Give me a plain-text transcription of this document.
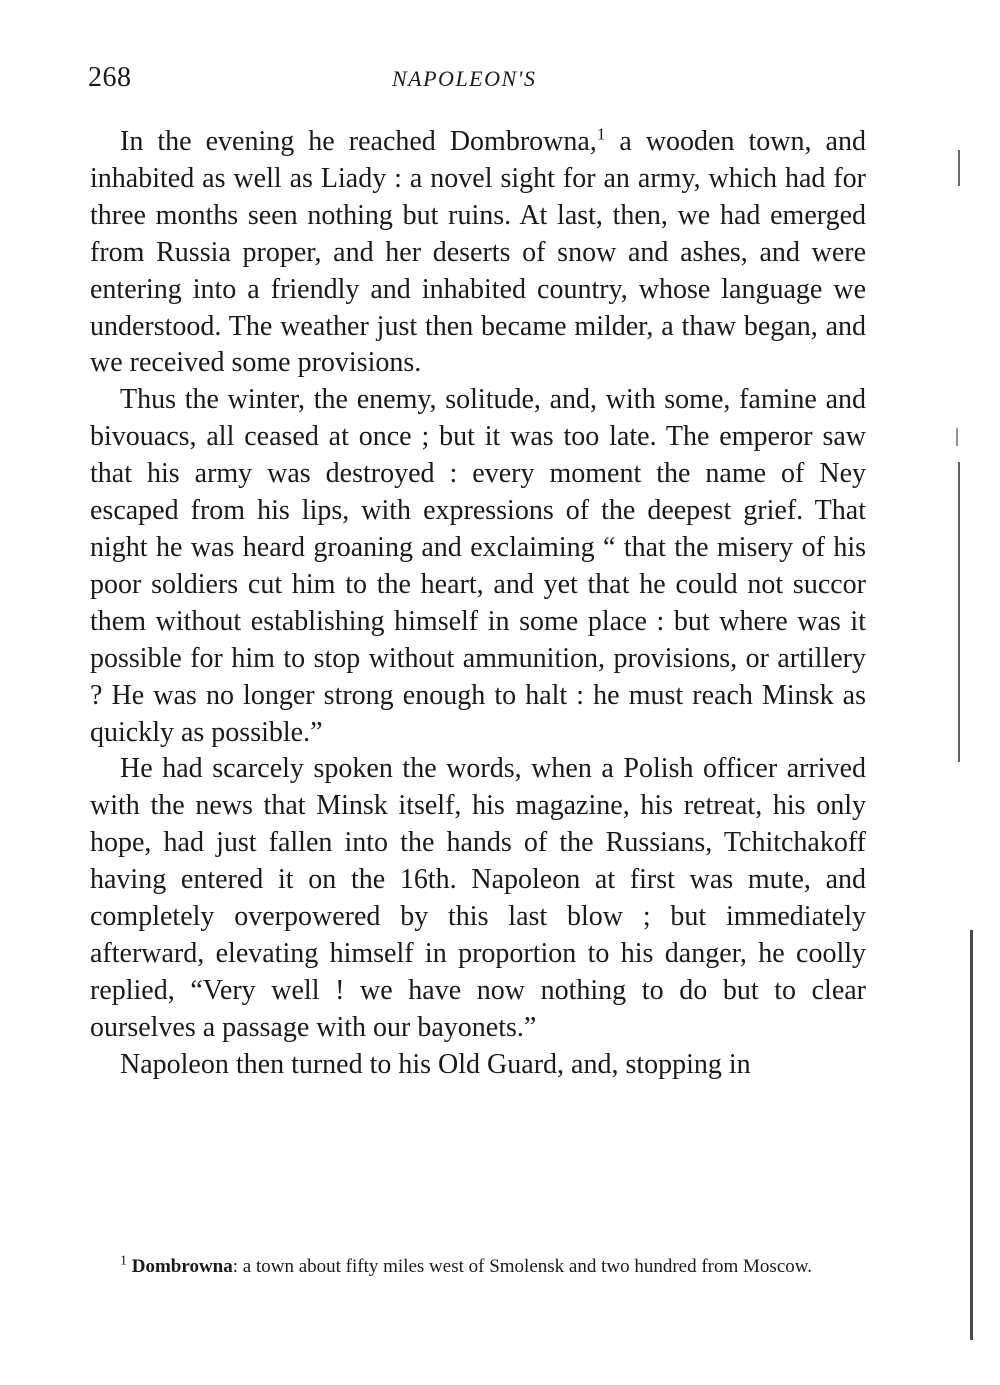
268	NAPOLEON'S

In the evening he reached Dombrowna,$^1$ a wooden town, and inhabited as well as Liady : a novel sight for an army, which had for three months seen nothing but ruins. At last, then, we had emerged from Russia proper, and her deserts of snow and ashes, and were entering into a friendly and inhabited country, whose language we understood. The weather just then became milder, a thaw began, and we received some provisions.

Thus the winter, the enemy, solitude, and, with some, famine and bivouacs, all ceased at once ; but it was too late. The emperor saw that his army was destroyed : every moment the name of Ney escaped from his lips, with expressions of the deepest grief. That night he was heard groaning and exclaiming “ that the misery of his poor soldiers cut him to the heart, and yet that he could not succor them without establishing himself in some place : but where was it possible for him to stop without ammunition, provisions, or artillery ? He was no longer strong enough to halt : he must reach Minsk as quickly as possible.”

He had scarcely spoken the words, when a Polish officer arrived with the news that Minsk itself, his magazine, his retreat, his only hope, had just fallen into the hands of the Russians, Tchitchakoff having entered it on the 16th. Napoleon at first was mute, and completely overpowered by this last blow ; but immediately afterward, elevating himself in proportion to his danger, he coolly replied, “Very well ! we have now nothing to do but to clear ourselves a passage with our bayonets.”

Napoleon then turned to his Old Guard, and, stopping in

$^1$ Dombrowna: a town about fifty miles west of Smolensk and two hundred from Moscow.
